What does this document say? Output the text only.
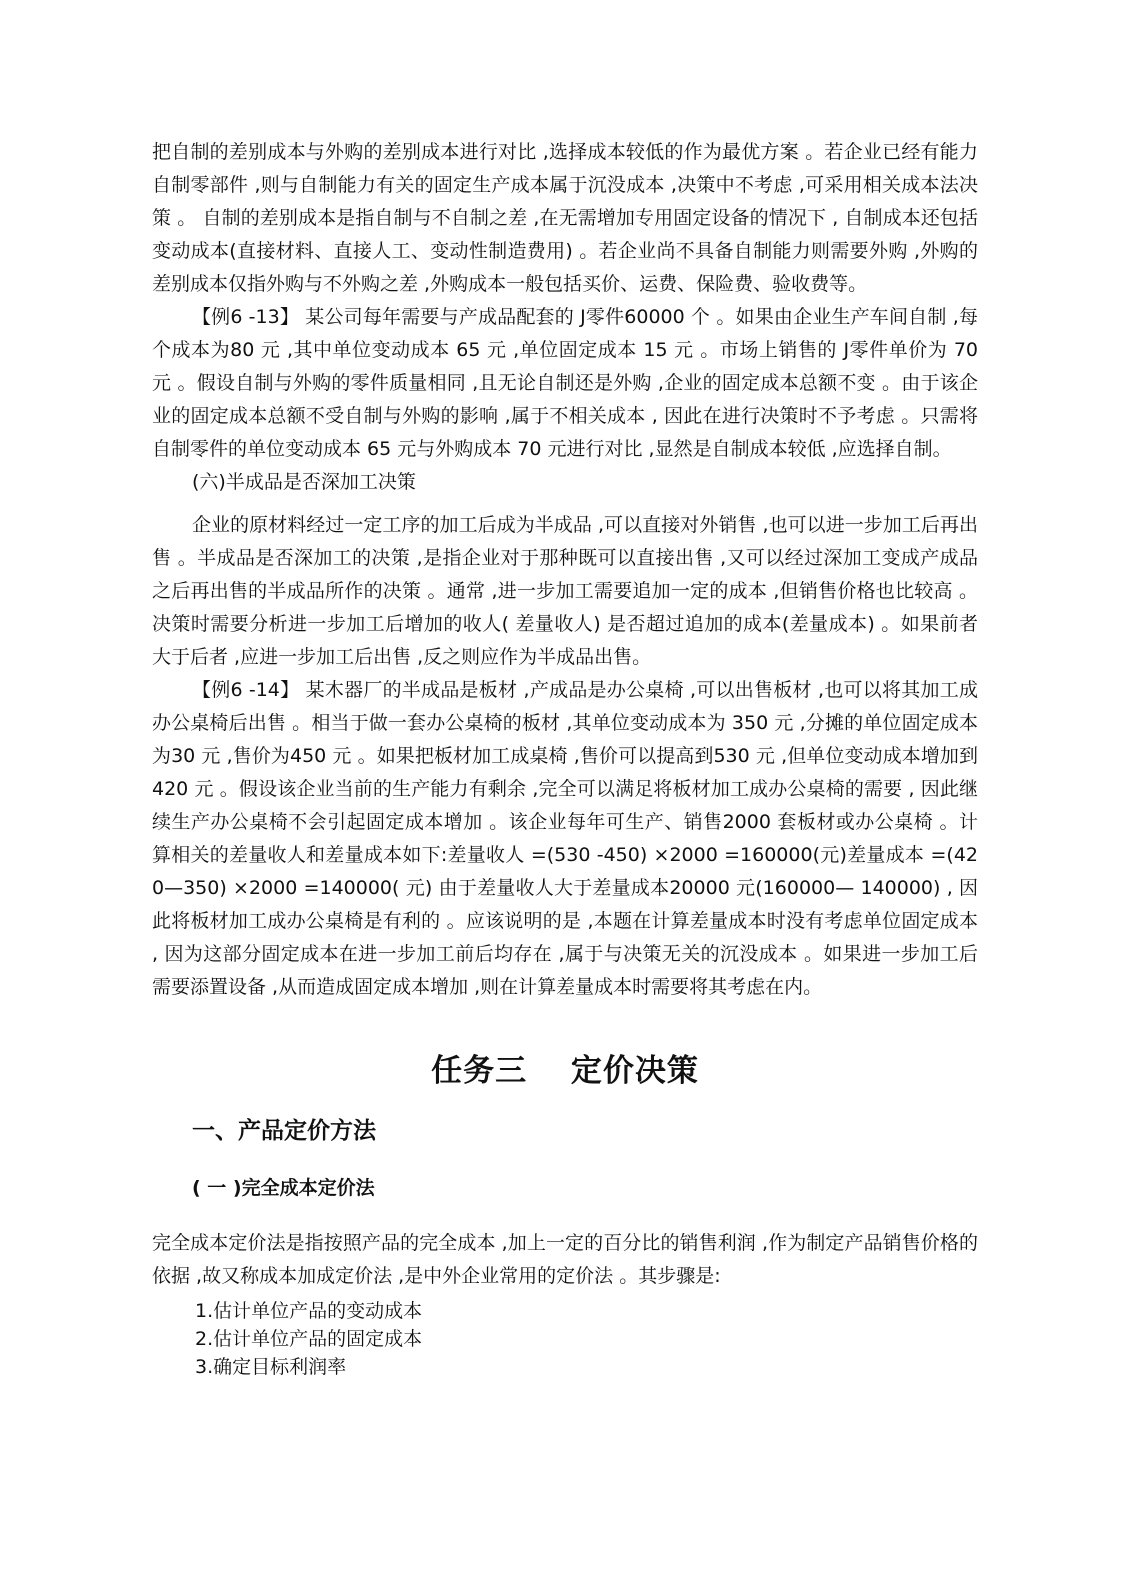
把自制的差别成本与外购的差别成本进行对比 ,选择成本较低的作为最优方案 。若企业已经有能力自制零部件 ,则与自制能力有关的固定生产成本属于沉没成本 ,决策中不考虑 ,可采用相关成本法决策 。 自制的差别成本是指自制与不自制之差 ,在无需增加专用固定设备的情况下 , 自制成本还包括变动成本(直接材料、直接人工、变动性制造费用) 。若企业尚不具备自制能力则需要外购 ,外购的差别成本仅指外购与不外购之差 ,外购成本一般包括买价、运费、保险费、验收费等。

【例6 -13】 某公司每年需要与产成品配套的 J零件60000 个 。如果由企业生产车间自制 ,每个成本为80 元 ,其中单位变动成本 65 元 ,单位固定成本 15 元 。市场上销售的 J零件单价为 70 元 。假设自制与外购的零件质量相同 ,且无论自制还是外购 ,企业的固定成本总额不变 。由于该企业的固定成本总额不受自制与外购的影响 ,属于不相关成本 , 因此在进行决策时不予考虑 。只需将自制零件的单位变动成本 65 元与外购成本 70 元进行对比 ,显然是自制成本较低 ,应选择自制。

(六)半成品是否深加工决策

企业的原材料经过一定工序的加工后成为半成品 ,可以直接对外销售 ,也可以进一步加工后再出售 。半成品是否深加工的决策 ,是指企业对于那种既可以直接出售 ,又可以经过深加工变成产成品之后再出售的半成品所作的决策 。通常 ,进一步加工需要追加一定的成本 ,但销售价格也比较高 。决策时需要分析进一步加工后增加的收人( 差量收人) 是否超过追加的成本(差量成本) 。如果前者大于后者 ,应进一步加工后出售 ,反之则应作为半成品出售。

【例6 -14】 某木器厂的半成品是板材 ,产成品是办公桌椅 ,可以出售板材 ,也可以将其加工成办公桌椅后出售 。相当于做一套办公桌椅的板材 ,其单位变动成本为 350 元 ,分摊的单位固定成本为30 元 ,售价为450 元 。如果把板材加工成桌椅 ,售价可以提高到530 元 ,但单位变动成本增加到420 元 。假设该企业当前的生产能力有剩余 ,完全可以满足将板材加工成办公桌椅的需要 , 因此继续生产办公桌椅不会引起固定成本增加 。该企业每年可生产、销售2000 套板材或办公桌椅 。计算相关的差量收人和差量成本如下:差量收人 =(530 -450) ×2000 =160000(元)差量成本 =(420—350) ×2000 =140000( 元) 由于差量收人大于差量成本20000 元(160000— 140000) , 因此将板材加工成办公桌椅是有利的 。应该说明的是 ,本题在计算差量成本时没有考虑单位固定成本 , 因为这部分固定成本在进一步加工前后均存在 ,属于与决策无关的沉没成本 。如果进一步加工后需要添置设备 ,从而造成固定成本增加 ,则在计算差量成本时需要将其考虑在内。

任务三　 定价决策
一、产品定价方法
( 一 )完全成本定价法

完全成本定价法是指按照产品的完全成本 ,加上一定的百分比的销售利润 ,作为制定产品销售价格的依据 ,故又称成本加成定价法 ,是中外企业常用的定价法 。其步骤是:

1.估计单位产品的变动成本
2.估计单位产品的固定成本
3.确定目标利润率
